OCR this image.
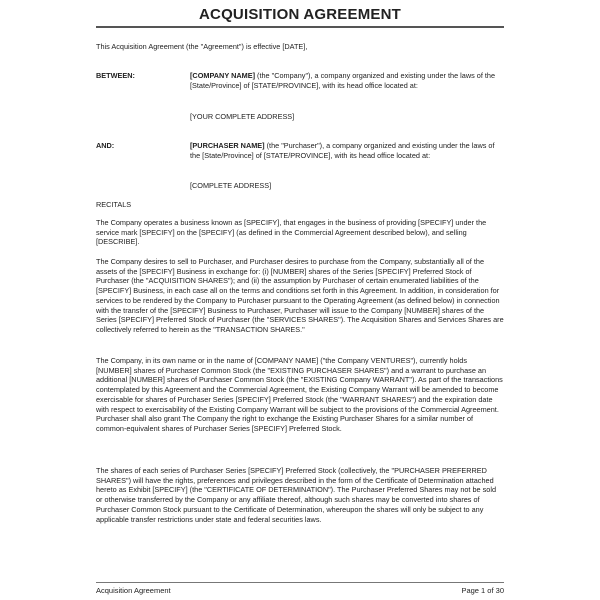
ACQUISITION AGREEMENT

This Acquisition Agreement (the "Agreement") is effective [DATE],

BETWEEN:	[COMPANY NAME] (the "Company"), a company organized and existing under the laws of the [State/Province] of [STATE/PROVINCE], with its head office located at:

[YOUR COMPLETE ADDRESS]

AND:	[PURCHASER NAME] (the "Purchaser"), a company organized and existing under the laws of the [State/Province] of [STATE/PROVINCE], with its head office located at:

[COMPLETE ADDRESS]

RECITALS

The Company operates a business known as [SPECIFY], that engages in the business of providing [SPECIFY] under the service mark [SPECIFY] on the [SPECIFY] (as defined in the Commercial Agreement described below), and selling [DESCRIBE].

The Company desires to sell to Purchaser, and Purchaser desires to purchase from the Company, substantially all of the assets of the [SPECIFY] Business in exchange for: (i) [NUMBER] shares of the Series [SPECIFY] Preferred Stock of Purchaser (the "ACQUISITION SHARES"); and (ii) the assumption by Purchaser of certain enumerated liabilities of the [SPECIFY] Business, in each case all on the terms and conditions set forth in this Agreement. In addition, in consideration for services to be rendered by the Company to Purchaser pursuant to the Operating Agreement (as defined below) in connection with the transfer of the [SPECIFY] Business to Purchaser, Purchaser will issue to the Company [NUMBER] shares of the Series [SPECIFY] Preferred Stock of Purchaser (the "SERVICES SHARES"). The Acquisition Shares and Services Shares are collectively referred to herein as the "TRANSACTION SHARES."

The Company, in its own name or in the name of [COMPANY NAME] ("the Company VENTURES"), currently holds [NUMBER] shares of Purchaser Common Stock (the "EXISTING PURCHASER SHARES") and a warrant to purchase an additional [NUMBER] shares of Purchaser Common Stock (the "EXISTING Company WARRANT"). As part of the transactions contemplated by this Agreement and the Commercial Agreement, the Existing Company Warrant will be amended to become exercisable for shares of Purchaser Series [SPECIFY] Preferred Stock (the "WARRANT SHARES") and the expiration date with respect to exercisability of the Existing Company Warrant will be subject to the provisions of the Commercial Agreement. Purchaser shall also grant The Company the right to exchange the Existing Purchaser Shares for a similar number of common-equivalent shares of Purchaser Series [SPECIFY] Preferred Stock.

The shares of each series of Purchaser Series [SPECIFY] Preferred Stock (collectively, the "PURCHASER PREFERRED SHARES") will have the rights, preferences and privileges described in the form of the Certificate of Determination attached hereto as Exhibit [SPECIFY] (the "CERTIFICATE OF DETERMINATION"). The Purchaser Preferred Shares may not be sold or otherwise transferred by the Company or any affiliate thereof, although such shares may be converted into shares of Purchaser Common Stock pursuant to the Certificate of Determination, whereupon the shares will only be subject to any applicable transfer restrictions under state and federal securities laws.

Acquisition Agreement	Page 1 of 30
